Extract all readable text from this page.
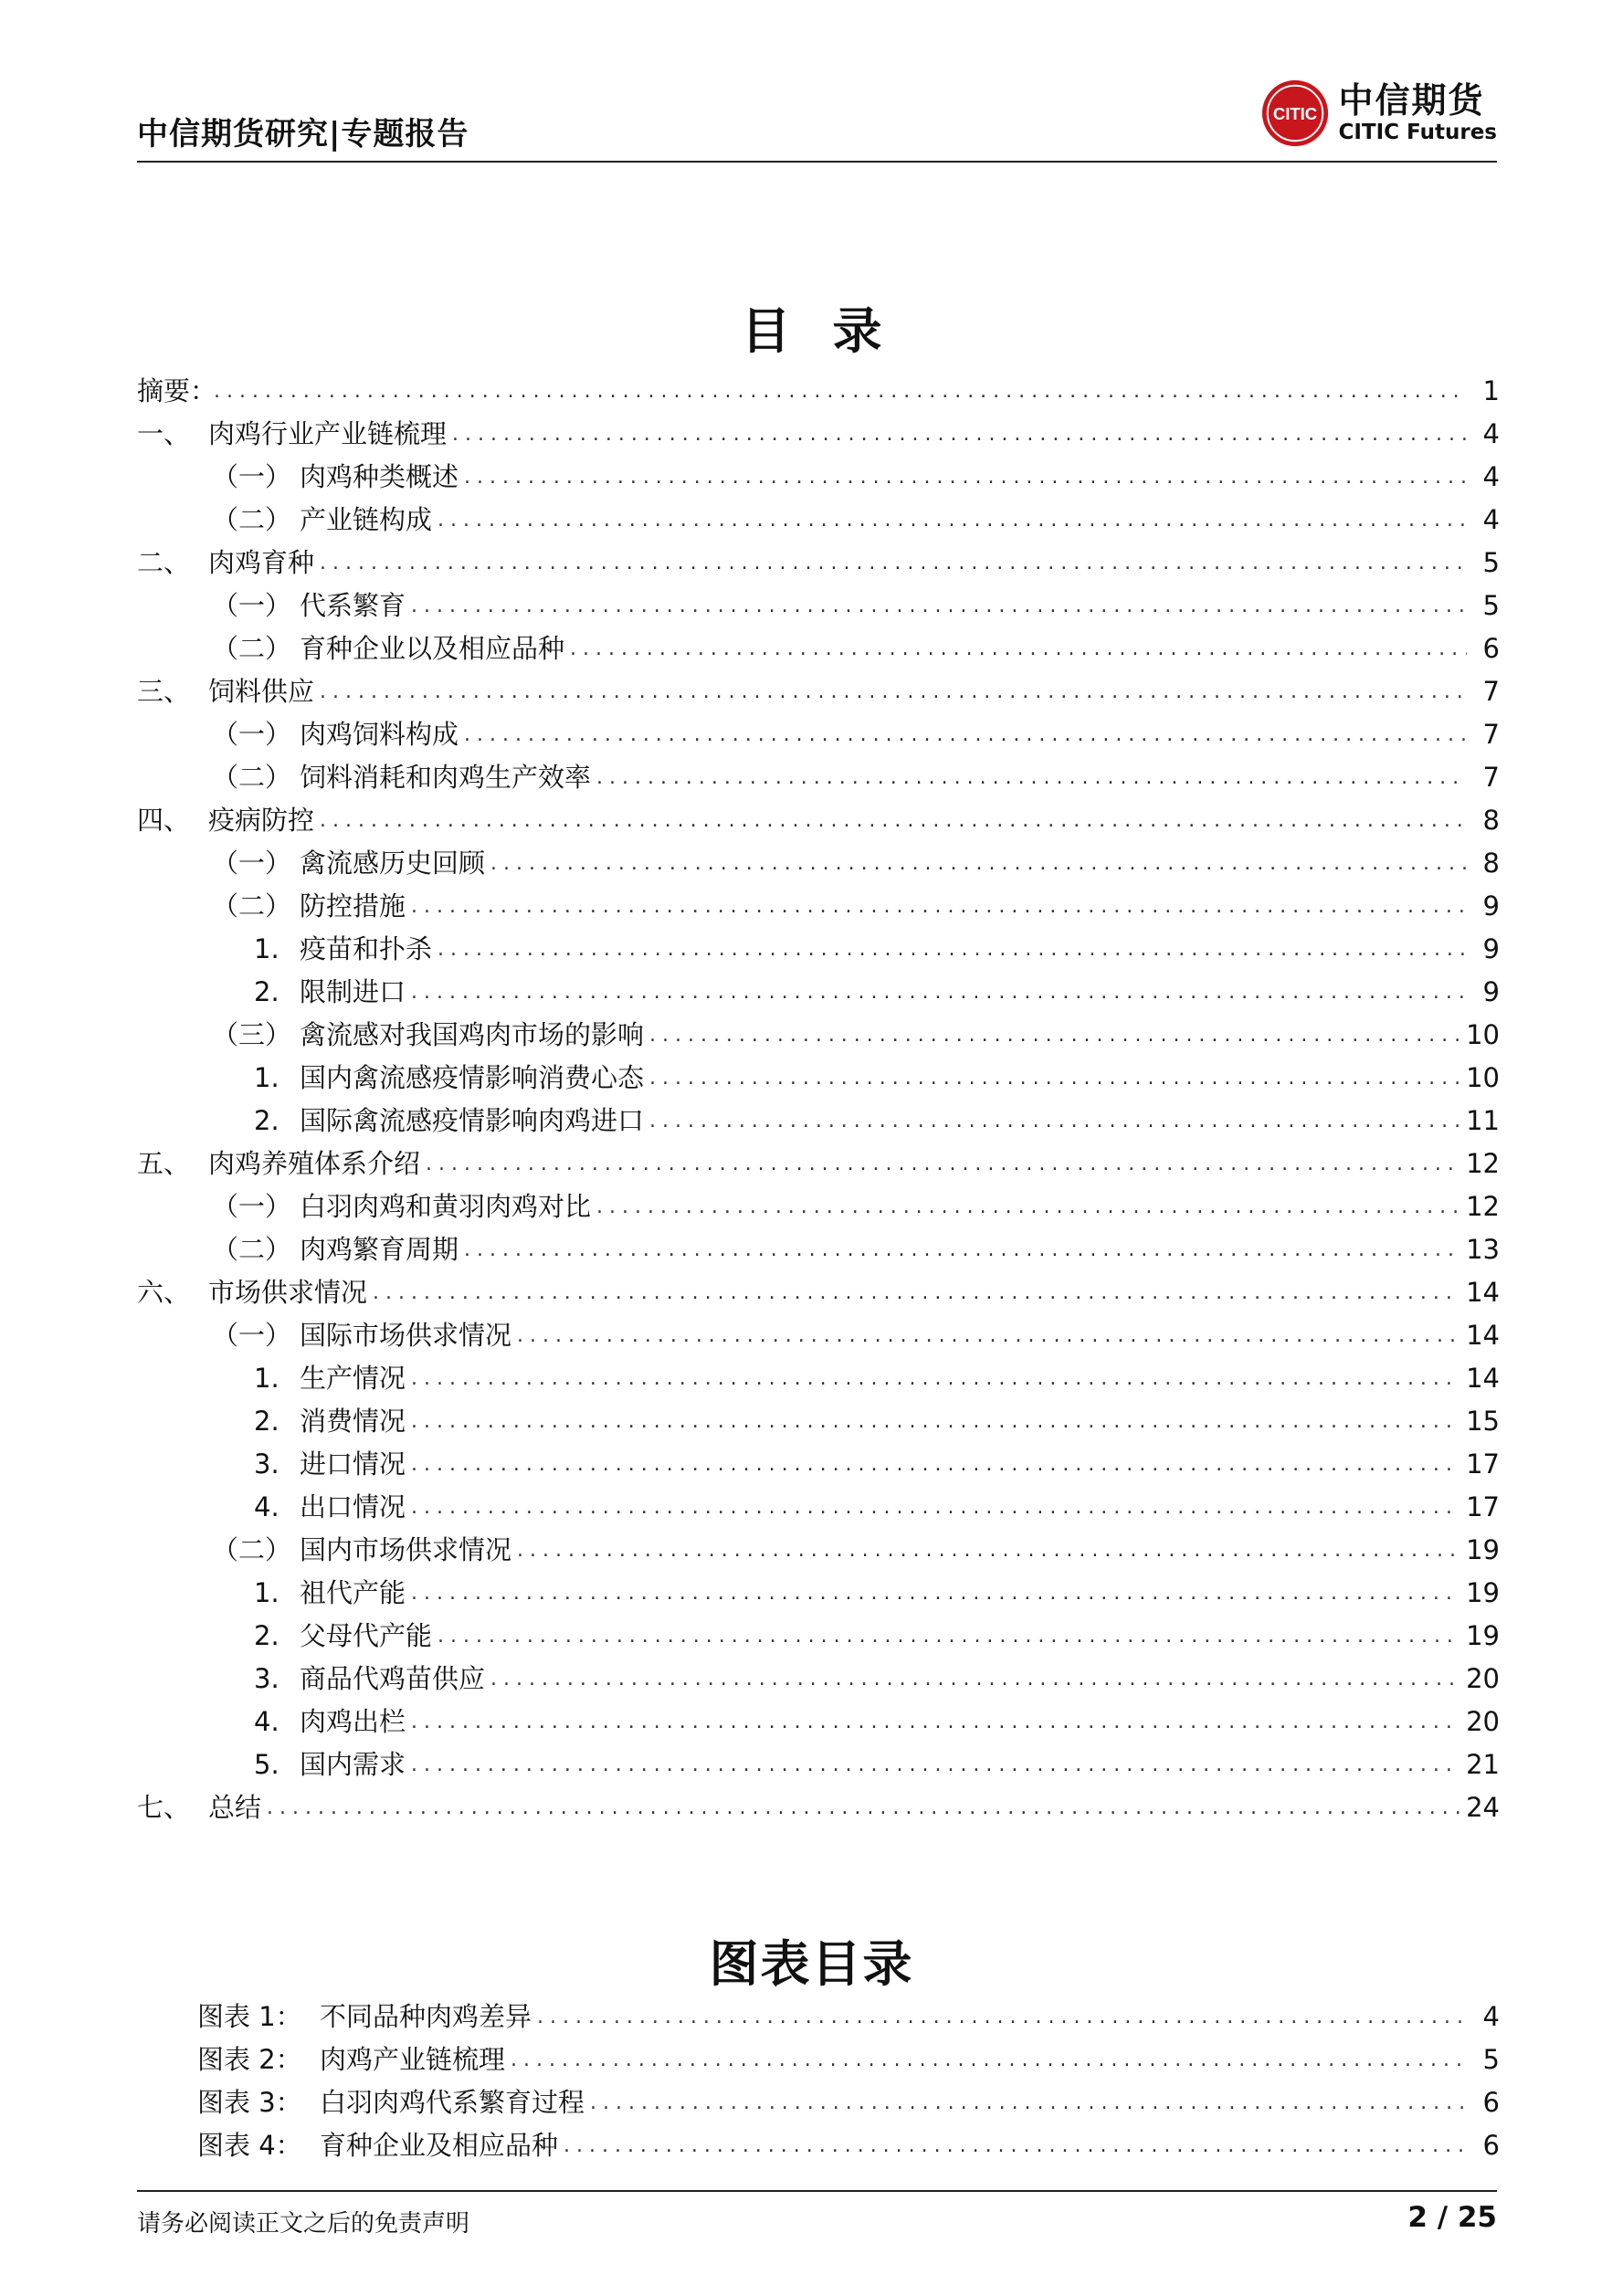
中信期货研究|专题报告
CITIC 中信期货
CITIC Futures
目录
摘要： . . .	1
一、 肉鸡行业产业链梳理 . . .	4
（一） 肉鸡种类概述 . . .	4
（二） 产业链构成 . . .	4
二、 肉鸡育种 . . .	5
（一） 代系繁育 . . .	5
（二） 育种企业以及相应品种 . . .	6
三、 饲料供应 . . .	7
（一） 肉鸡饲料构成 . . .	7
（二） 饲料消耗和肉鸡生产效率 . . .	7
四、 疫病防控 . . .	8
（一） 禽流感历史回顾 . . .	8
（二） 防控措施 . . .	9
1. 疫苗和扑杀 . . .	9
2. 限制进口 . . .	9
（三） 禽流感对我国鸡肉市场的影响 . . .	10
1. 国内禽流感疫情影响消费心态 . . .	10
2. 国际禽流感疫情影响肉鸡进口 . . .	11
五、 肉鸡养殖体系介绍 . . .	12
（一） 白羽肉鸡和黄羽肉鸡对比 . . .	12
（二） 肉鸡繁育周期 . . .	13
六、 市场供求情况 . . .	14
（一） 国际市场供求情况 . . .	14
1. 生产情况 . . .	14
2. 消费情况 . . .	15
3. 进口情况 . . .	17
4. 出口情况 . . .	17
（二） 国内市场供求情况 . . .	19
1. 祖代产能 . . .	19
2. 父母代产能 . . .	19
3. 商品代鸡苗供应 . . .	20
4. 肉鸡出栏 . . .	20
5. 国内需求 . . .	21
七、 总结 . . .	24
图表目录
图表 1： 不同品种肉鸡差异 . . .	4
图表 2： 肉鸡产业链梳理 . . .	5
图表 3： 白羽肉鸡代系繁育过程 . . .	6
图表 4： 育种企业及相应品种 . . .	6
请务必阅读正文之后的免责声明	2 / 25
